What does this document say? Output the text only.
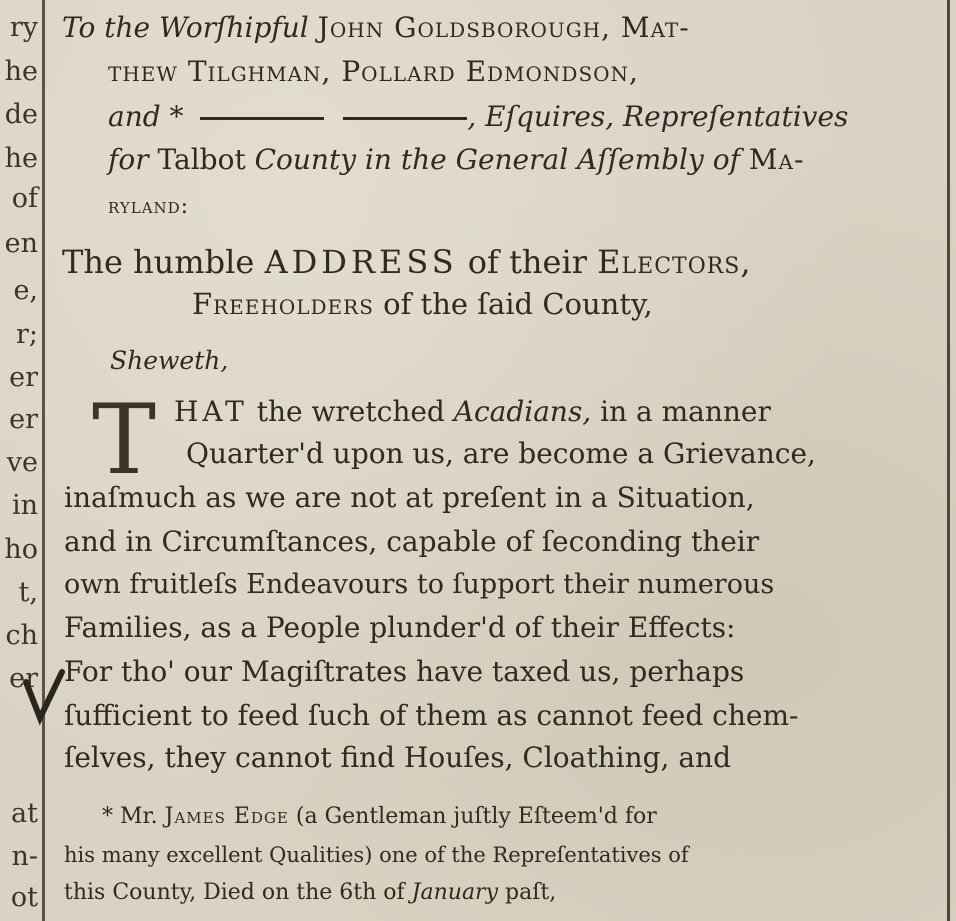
ry
he
de
he
of
en
e,
r;
er
er
ve
in
ho
t,
ch
er
at
n-
ot
To the Worſhipful John Goldsborough, Mat-
thew Tilghman, Pollard Edmondson,
and *	, Eſquires, Repreſentatives
for Talbot County in the General Aſſembly of Ma-
ryland:
The humble ADDRESS of their Electors,
Freeholders of the ſaid County,
Sheweth,
T HAT the wretched Acadians, in a manner
Quarter'd upon us, are become a Grievance,
inaſmuch as we are not at preſent in a Situation,
and in Circumſtances, capable of ſeconding their
own fruitleſs Endeavours to ſupport their numerous
Families, as a People plunder'd of their Effects:
For tho' our Magiſtrates have taxed us, perhaps
ſufficient to feed ſuch of them as cannot feed chem-
ſelves, they cannot find Houſes, Cloathing, and
* Mr. James Edge (a Gentleman juſtly Eſteem'd for
his many excellent Qualities) one of the Repreſentatives of
this County, Died on the 6th of January paſt,
